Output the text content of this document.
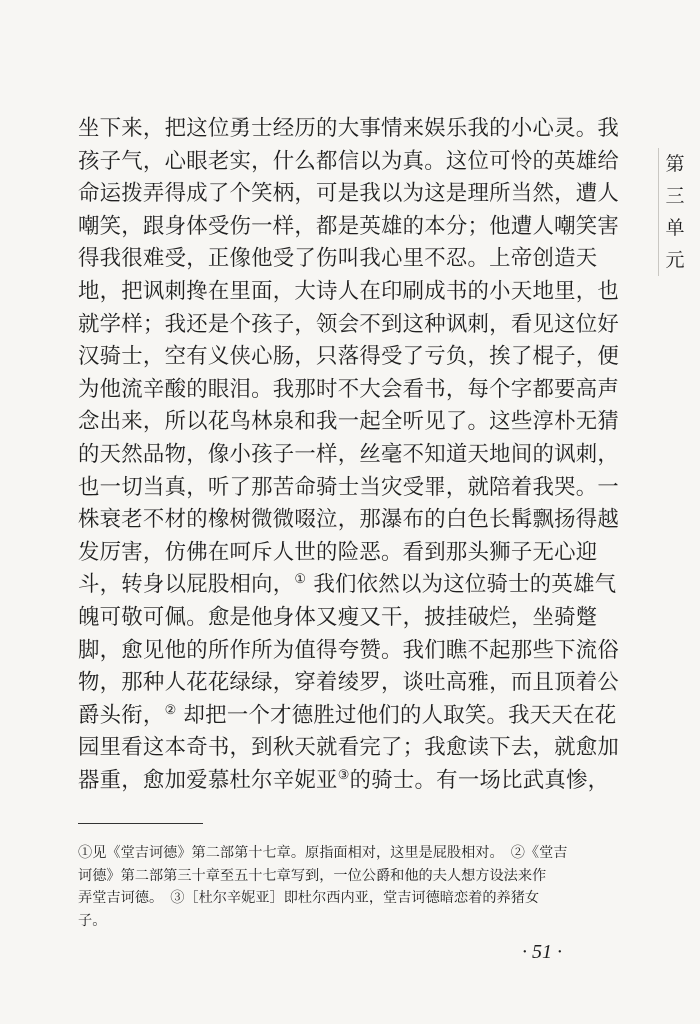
坐下来，把这位勇士经历的大事情来娱乐我的小心灵。我
孩子气，心眼老实，什么都信以为真。这位可怜的英雄给
命运拨弄得成了个笑柄，可是我以为这是理所当然，遭人
嘲笑，跟身体受伤一样，都是英雄的本分；他遭人嘲笑害
得我很难受，正像他受了伤叫我心里不忍。上帝创造天
地，把讽刺搀在里面，大诗人在印刷成书的小天地里，也
就学样；我还是个孩子，领会不到这种讽刺，看见这位好
汉骑士，空有义侠心肠，只落得受了亏负，挨了棍子，便
为他流辛酸的眼泪。我那时不大会看书，每个字都要高声
念出来，所以花鸟林泉和我一起全听见了。这些淳朴无猜
的天然品物，像小孩子一样，丝毫不知道天地间的讽刺，
也一切当真，听了那苦命骑士当灾受罪，就陪着我哭。一
株衰老不材的橡树微微啜泣，那瀑布的白色长髯飘扬得越
发厉害，仿佛在呵斥人世的险恶。看到那头狮子无心迎
斗，转身以屁股相向，① 我们依然以为这位骑士的英雄气
魄可敬可佩。愈是他身体又瘦又干，披挂破烂，坐骑蹩
脚，愈见他的所作所为值得夸赞。我们瞧不起那些下流俗
物，那种人花花绿绿，穿着绫罗，谈吐高雅，而且顶着公
爵头衔，② 却把一个才德胜过他们的人取笑。我天天在花
园里看这本奇书，到秋天就看完了；我愈读下去，就愈加
器重，愈加爱慕杜尔辛妮亚③的骑士。有一场比武真惨，
第
三
单
元
①见《堂吉诃德》第二部第十七章。原指面相对，这里是屁股相对。　②《堂吉
诃德》第二部第三十章至五十七章写到，一位公爵和他的夫人想方设法来作
弄堂吉诃德。　③［杜尔辛妮亚］即杜尔西内亚，堂吉诃德暗恋着的养猪女
子。
· 51 ·
